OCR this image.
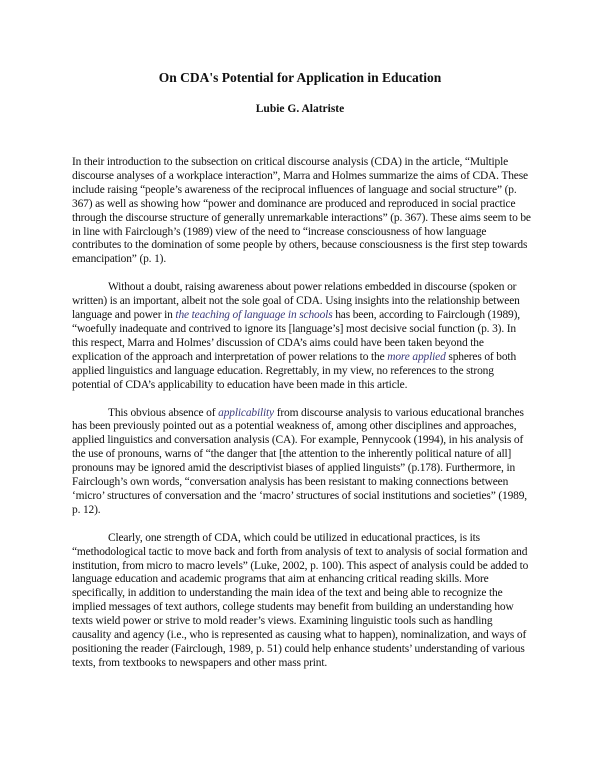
On CDA's Potential for Application in Education
Lubie G. Alatriste

In their introduction to the subsection on critical discourse analysis (CDA) in the article, “Multiple discourse analyses of a workplace interaction”, Marra and Holmes summarize the aims of CDA. These include raising “people’s awareness of the reciprocal influences of language and social structure” (p. 367) as well as showing how “power and dominance are produced and reproduced in social practice through the discourse structure of generally unremarkable interactions” (p. 367). These aims seem to be in line with Fairclough’s (1989) view of the need to “increase consciousness of how language contributes to the domination of some people by others, because consciousness is the first step towards emancipation” (p. 1).

Without a doubt, raising awareness about power relations embedded in discourse (spoken or written) is an important, albeit not the sole goal of CDA. Using insights into the relationship between language and power in the teaching of language in schools has been, according to Fairclough (1989), “woefully inadequate and contrived to ignore its [language’s] most decisive social function (p. 3). In this respect, Marra and Holmes’ discussion of CDA’s aims could have been taken beyond the explication of the approach and interpretation of power relations to the more applied spheres of both applied linguistics and language education. Regrettably, in my view, no references to the strong potential of CDA’s applicability to education have been made in this article.

This obvious absence of applicability from discourse analysis to various educational branches has been previously pointed out as a potential weakness of, among other disciplines and approaches, applied linguistics and conversation analysis (CA). For example, Pennycook (1994), in his analysis of the use of pronouns, warns of “the danger that [the attention to the inherently political nature of all] pronouns may be ignored amid the descriptivist biases of applied linguists” (p.178). Furthermore, in Fairclough’s own words, “conversation analysis has been resistant to making connections between ‘micro’ structures of conversation and the ‘macro’ structures of social institutions and societies” (1989, p. 12).

Clearly, one strength of CDA, which could be utilized in educational practices, is its “methodological tactic to move back and forth from analysis of text to analysis of social formation and institution, from micro to macro levels” (Luke, 2002, p. 100). This aspect of analysis could be added to language education and academic programs that aim at enhancing critical reading skills. More specifically, in addition to understanding the main idea of the text and being able to recognize the implied messages of text authors, college students may benefit from building an understanding how texts wield power or strive to mold reader’s views. Examining linguistic tools such as handling causality and agency (i.e., who is represented as causing what to happen), nominalization, and ways of positioning the reader (Fairclough, 1989, p. 51) could help enhance students’ understanding of various texts, from textbooks to newspapers and other mass print.
